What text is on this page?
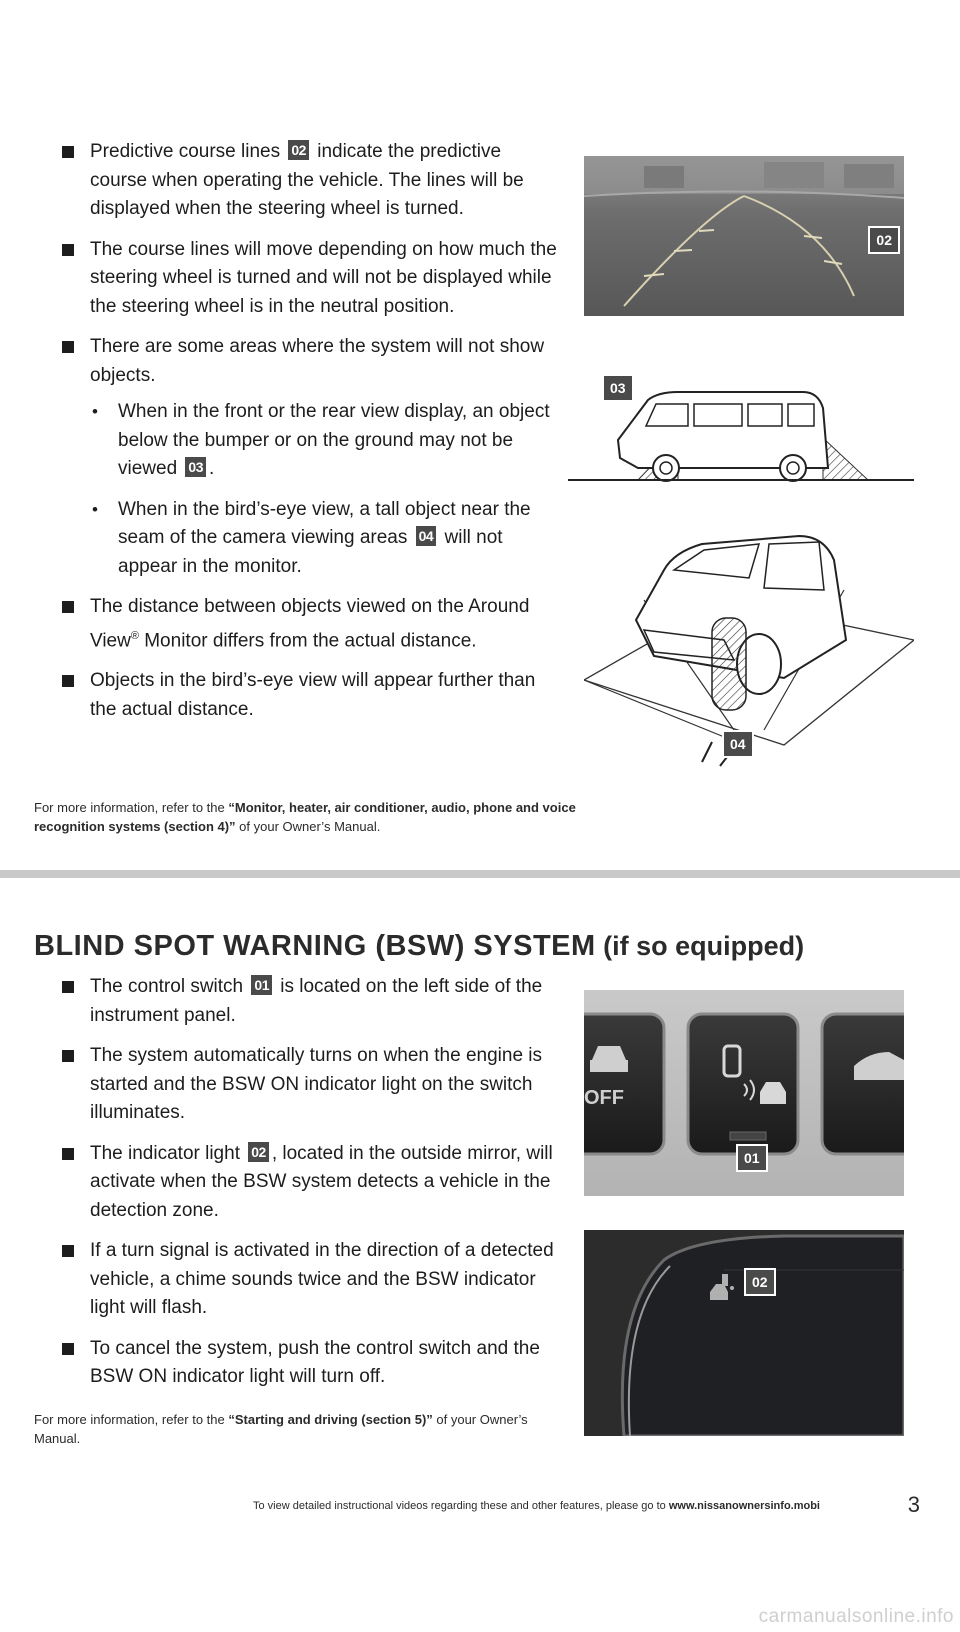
Predictive course lines 02 indicate the predictive course when operating the vehicle. The lines will be displayed when the steering wheel is turned.
The course lines will move depending on how much the steering wheel is turned and will not be displayed while the steering wheel is in the neutral position.
There are some areas where the system will not show objects.
• When in the front or the rear view display, an object below the bumper or on the ground may not be viewed 03 .
• When in the bird’s-eye view, a tall object near the seam of the camera viewing areas 04 will not appear in the monitor.
The distance between objects viewed on the Around View® Monitor differs from the actual distance.
Objects in the bird’s-eye view will appear further than the actual distance.

For more information, refer to the “Monitor, heater, air conditioner, audio, phone and voice recognition systems (section 4)” of your Owner’s Manual.

02
03
04
BLIND SPOT WARNING (BSW) SYSTEM (if so equipped)
The control switch 01 is located on the left side of the instrument panel.
The system automatically turns on when the engine is started and the BSW ON indicator light on the switch illuminates.
The indicator light 02 , located in the outside mirror, will activate when the BSW system detects a vehicle in the detection zone.
If a turn signal is activated in the direction of a detected vehicle, a chime sounds twice and the BSW indicator light will flash.
To cancel the system, push the control switch and the BSW ON indicator light will turn off.

For more information, refer to the “Starting and driving (section 5)” of your Owner’s Manual.

OFF
01
02
To view detailed instructional videos regarding these and other features, please go to www.nissanownersinfo.mobi	3
carmanualsonline.info
